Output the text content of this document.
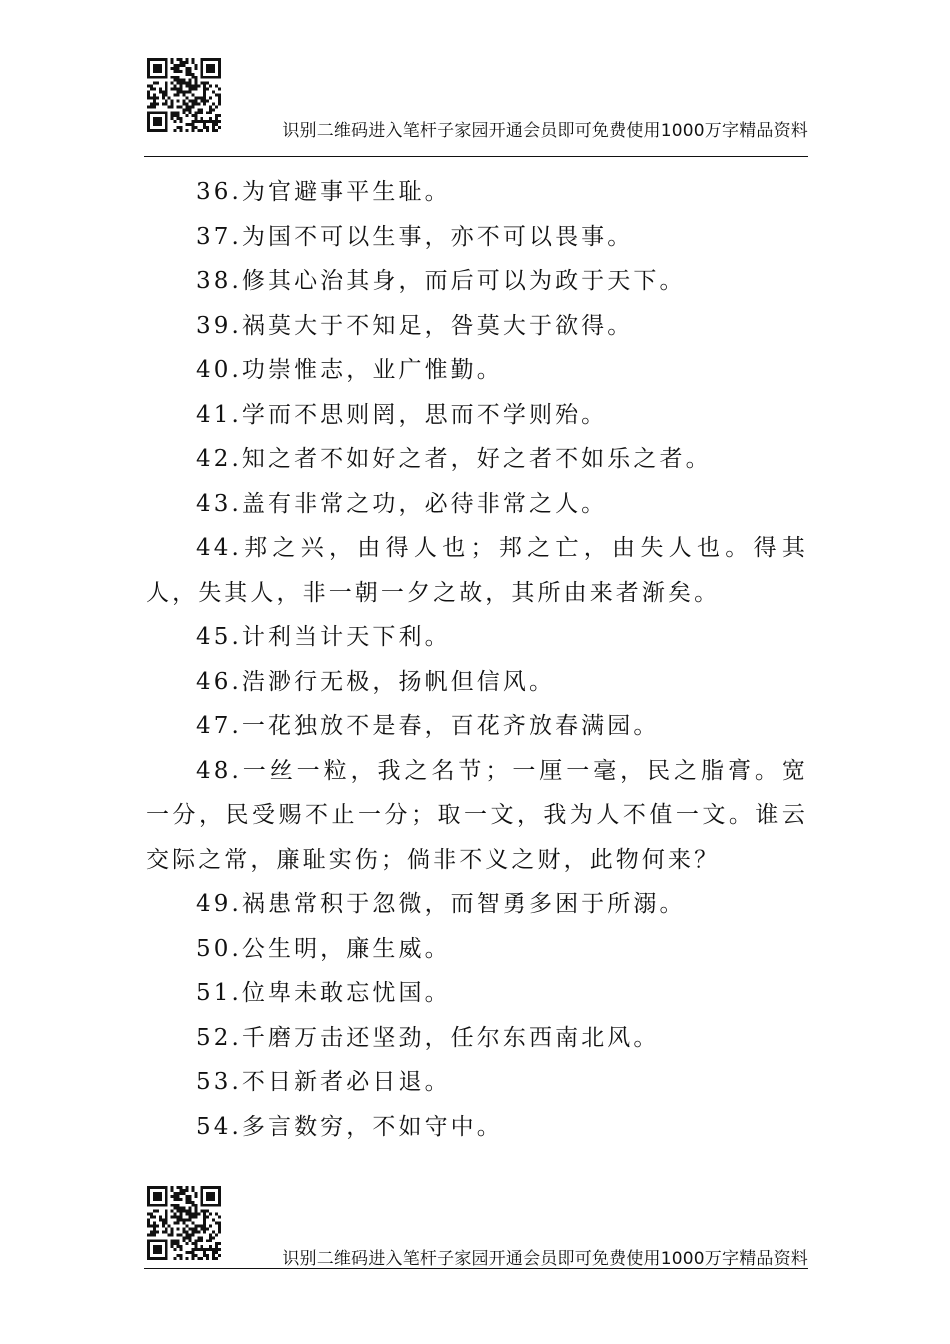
识别二维码进入笔杆子家园开通会员即可免费使用1000万字精品资料

36.为官避事平生耻。

37.为国不可以生事，亦不可以畏事。

38.修其心治其身，而后可以为政于天下。

39.祸莫大于不知足，咎莫大于欲得。

40.功崇惟志，业广惟勤。

41.学而不思则罔，思而不学则殆。

42.知之者不如好之者，好之者不如乐之者。

43.盖有非常之功，必待非常之人。

44.邦之兴，由得人也；邦之亡，由失人也。得其人，失其人，非一朝一夕之故，其所由来者渐矣。

45.计利当计天下利。

46.浩渺行无极，扬帆但信风。

47.一花独放不是春，百花齐放春满园。

48.一丝一粒，我之名节；一厘一毫，民之脂膏。宽一分，民受赐不止一分；取一文，我为人不值一文。谁云交际之常，廉耻实伤；倘非不义之财，此物何来？

49.祸患常积于忽微，而智勇多困于所溺。

50.公生明，廉生威。

51.位卑未敢忘忧国。

52.千磨万击还坚劲，任尔东西南北风。

53.不日新者必日退。

54.多言数穷，不如守中。

识别二维码进入笔杆子家园开通会员即可免费使用1000万字精品资料
